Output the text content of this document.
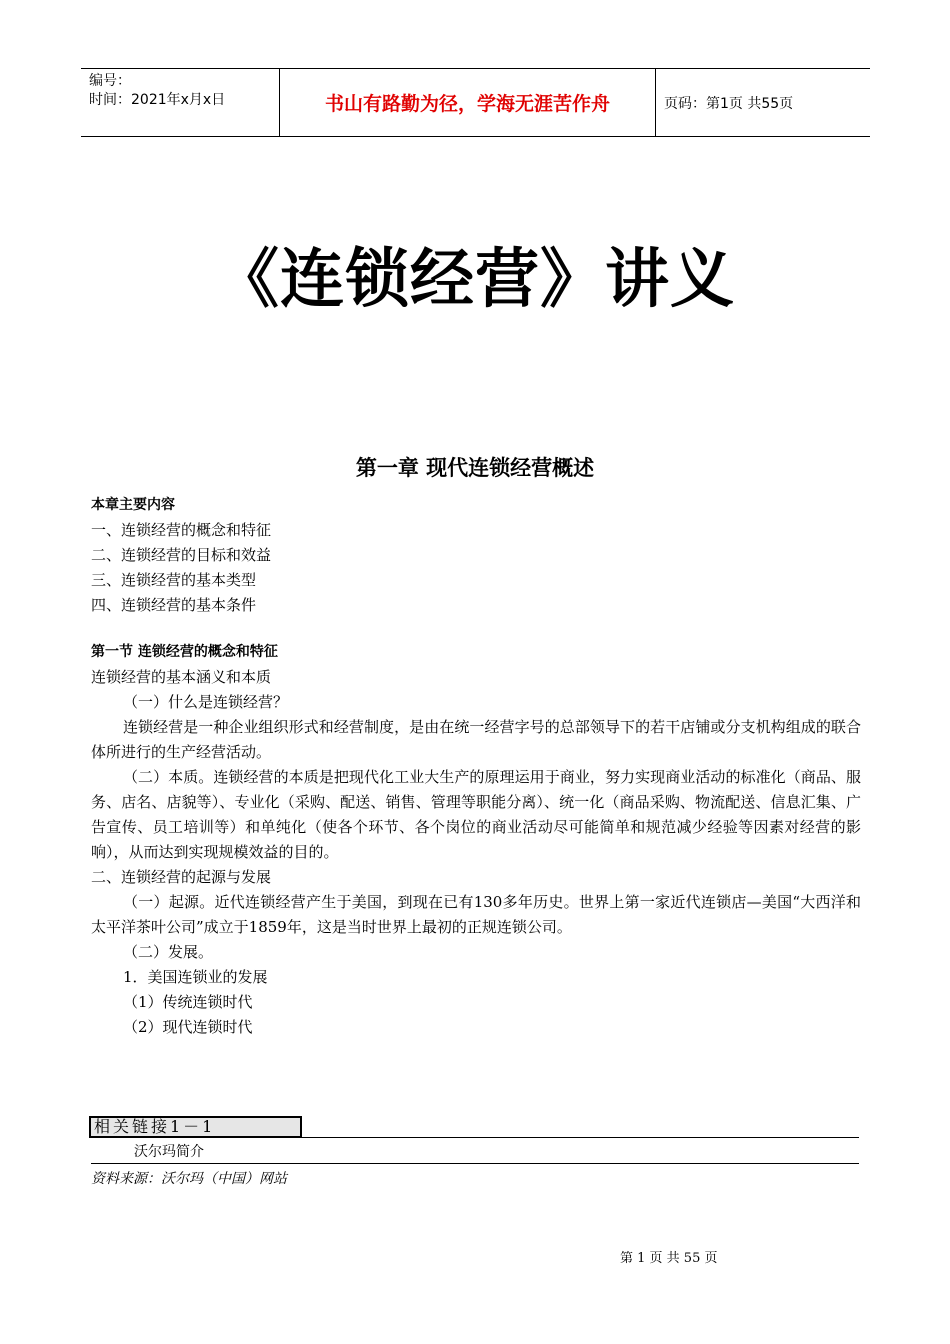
编号：
时间：2021年x月x日	书山有路勤为径，学海无涯苦作舟	页码：第1页 共55页
《连锁经营》讲义
第一章 现代连锁经营概述

本章主要内容

一、连锁经营的概念和特征

二、连锁经营的目标和效益

三、连锁经营的基本类型

四、连锁经营的基本条件

第一节 连锁经营的概念和特征

连锁经营的基本涵义和本质

（一）什么是连锁经营？

连锁经营是一种企业组织形式和经营制度，是由在统一经营字号的总部领导下的若干店铺或分支机构组成的联合体所进行的生产经营活动。

（二）本质。连锁经营的本质是把现代化工业大生产的原理运用于商业，努力实现商业活动的标准化（商品、服务、店名、店貌等）、专业化（采购、配送、销售、管理等职能分离）、统一化（商品采购、物流配送、信息汇集、广告宣传、员工培训等）和单纯化（使各个环节、各个岗位的商业活动尽可能简单和规范减少经验等因素对经营的影响），从而达到实现规模效益的目的。

二、连锁经营的起源与发展

（一）起源。近代连锁经营产生于美国，到现在已有130多年历史。世界上第一家近代连锁店—美国“大西洋和太平洋茶叶公司”成立于1859年，这是当时世界上最初的正规连锁公司。

（二）发展。

1．美国连锁业的发展

（1）传统连锁时代

（2）现代连锁时代

相关链接1－1
沃尔玛简介
资料来源：沃尔玛（中国）网站
第 1 页 共 55 页
